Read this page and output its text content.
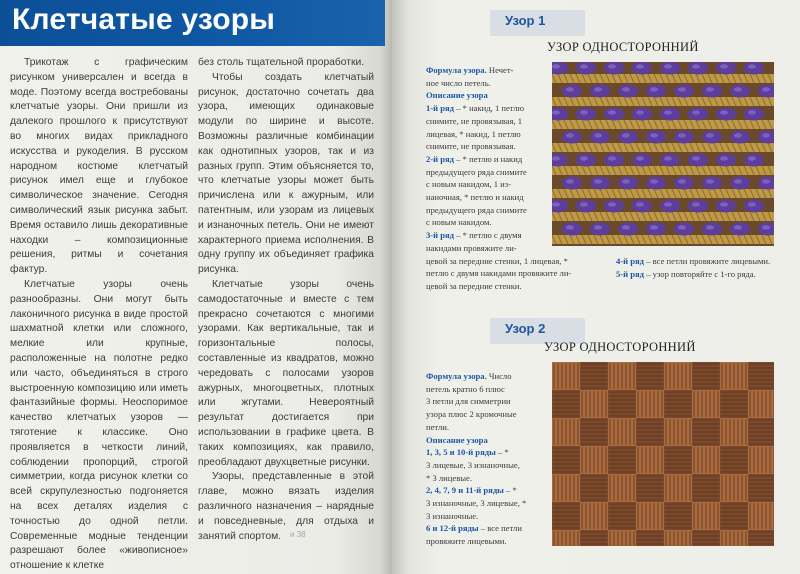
Клетчатые узоры

Трикотаж с графическим рисунком универсален и всегда в моде. Поэтому всегда востребованы клетчатые узоры. Они пришли из далекого прошлого к присутствуют во многих видах прикладного искусства и рукоделия. В русском народном костюме клетчатый рисунок имел еще и глубокое символическое значение. Сегодня символический язык рисунка забыт. Время оставило лишь декоративные находки – композиционные решения, ритмы и сочетания фактур.

Клетчатые узоры очень разнообразны. Они могут быть лаконичного рисунка в виде простой шахматной клетки или сложного, мелкие или крупные, расположенные на полотне редко или часто, объединяться в строго выстроенную композицию или иметь фантазийные формы. Неоспоримое качество клетчатых узоров — тяготение к классике. Оно проявляется в четкости линий, соблюдении пропорций, строгой симметрии, когда рисунок клетки со всей скрупулезностью подгоняется на всех деталях изделия с точностью до одной петли. Современные модные тенденции разрешают более «живописное» отношение к клетке

без столь тщательной проработки.

Чтобы создать клетчатый рисунок, достаточно сочетать два узора, имеющих одинаковые модули по ширине и высоте. Возможны различные комбинации как однотипных узоров, так и из разных групп. Этим объясняется то, что клетчатые узоры может быть причислена или к ажурным, или патентным, или узорам из лицевых и изнаночных петель. Они не имеют характерного приема исполнения. В одну группу их объединяет графика рисунка.

Клетчатые узоры очень самодостаточные и вместе с тем прекрасно сочетаются с многими узорами. Как вертикальные, так и горизонтальные полосы, составленные из квадратов, можно чередовать с полосами узоров ажурных, многоцветных, плотных или жгутами. Невероятный результат достигается при использовании в графике цвета. В таких композициях, как правило, преобладают двухцветные рисунки.

Узоры, представленные в этой главе, можно вязать изделия различного назначения – нарядные и повседневные, для отдыха и занятий спортом.	и 38
Узор 1
УЗОР ОДНОСТОРОННИЙ
Формула узора. Нечет-
ное число петель.
Описание узора
1-й ряд – * накид, 1 петлю
снимите, не провязывая, 1
лицевая, * накид, 1 петлю
снимите, не провязывая.
2-й ряд – * петлю и накид
предыдущего ряда снимите
с новым накидом, 1 из-
наночная, * петлю и накид
предыдущего ряда снимите
с новым накидом.
3-й ряд – * петлю с двумя
накидами провяжите ли-
цевой за передние стенки, 1 лицевая, *
петлю с двумя накидами провяжите ли-
цевой за передние стенки.
4-й ряд – все петли провяжите лицевыми.
5-й ряд – узор повторяйте с 1-го ряда.
Узор 2
УЗОР ОДНОСТОРОННИЙ
Формула узора. Число
петель кратно 6 плюс
3 петли для симметрии
узора плюс 2 кромочные
петли.
Описание узора
1, 3, 5 и 10-й ряды – *
3 лицевые, 3 изнаночные,
* 3 лицевые.
2, 4, 7, 9 и 11-й ряды – *
3 изнаночные, 3 лицевые, *
3 изнаночные.
6 и 12-й ряды – все петли
провяжите лицевыми.
